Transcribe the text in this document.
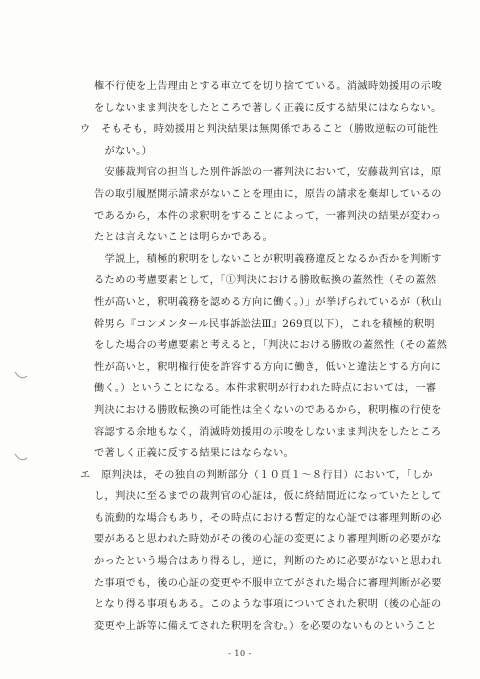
権不行使を上告理由とする車立てを切り捨てている。消滅時効援用の示唆
をしないまま判決をしたところで著しく正義に反する結果にはならない。
ウ　そもそも，時効援用と判決結果は無関係であること（勝敗逆転の可能性
　がない。）
　安藤裁判官の担当した別件訴訟の一審判決において，安藤裁判官は，原
告の取引履歴開示請求がないことを理由に，原告の請求を棄却しているの
であるから，本件の求釈明をすることによって，一審判決の結果が変わっ
たとは言えないことは明らかである。
　学説上，積極的釈明をしないことが釈明義務違反となるか否かを判断す
るための考慮要素として，「①判決における勝敗転換の蓋然性（その蓋然
性が高いと，釈明義務を認める方向に働く。）」が挙げられているが（秋山
幹男ら『コンメンタール民事訴訟法Ⅲ』269頁以下），これを積極的釈明
をした場合の考慮要素と考えると，「判決における勝敗の蓋然性（その蓋然
性が高いと，釈明権行使を許容する方向に働き，低いと違法とする方向に
働く。）ということになる。本件求釈明が行われた時点においては，一審
判決における勝敗転換の可能性は全くないのであるから，釈明権の行使を
容認する余地もなく，消滅時効援用の示唆をしないまま判決をしたところ
で著しく正義に反する結果にはならない。
エ　原判決は，その独自の判断部分（１０頁１～８行目）において，「しか
し，判決に至るまでの裁判官の心証は，仮に終結間近になっていたとして
も流動的な場合もあり，その時点における暫定的な心証では審理判断の必
要があると思われた時効がその後の心証の変更により審理判断の必要がな
かったという場合はあり得るし，逆に，判断のために必要がないと思われ
た事項でも，後の心証の変更や不服申立てがされた場合に審理判断が必要
となり得る事項もある。このような事項についてされた釈明（後の心証の
変更や上訴等に備えてされた釈明を含む。）を必要のないものということ
- 10 -
